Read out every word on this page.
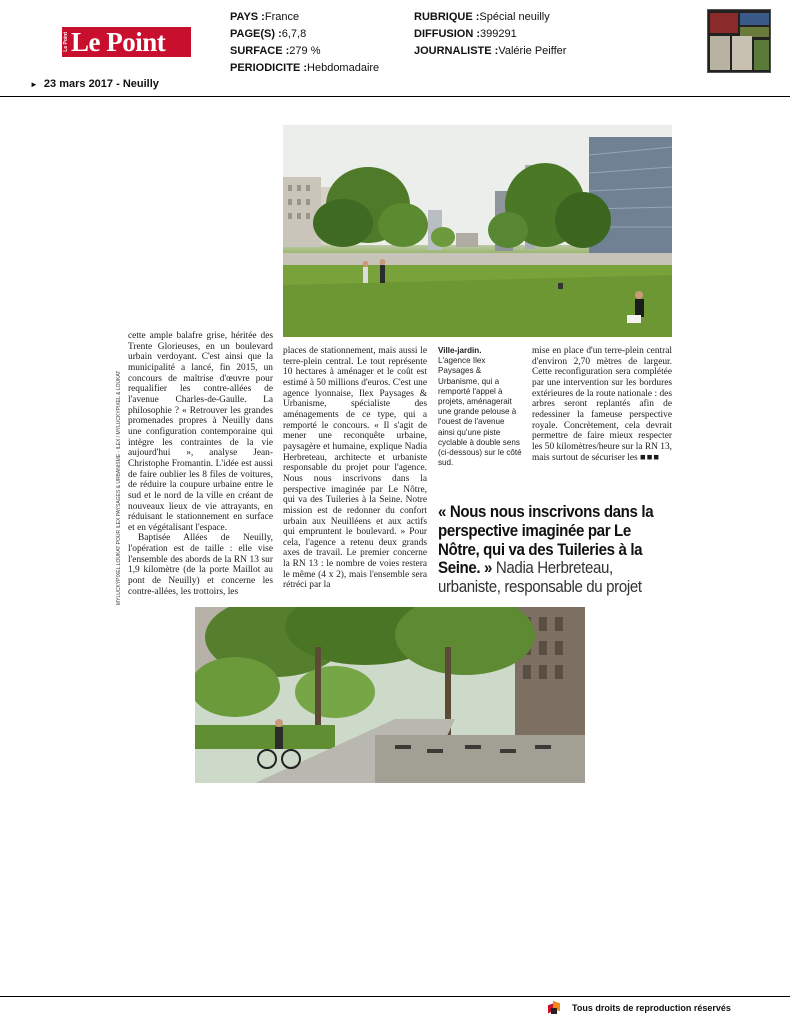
Le Point Le Point
PAYS :France
PAGE(S) :6,7,8
SURFACE :279 %
PERIODICITE :Hebdomadaire
RUBRIQUE :Spécial neuilly
DIFFUSION :399291
JOURNALISTE :Valérie Peiffer
► 23 mars 2017 - Neuilly
MYLUCKYPIXEL.LOUKAT POUR ILEX PAYSAGES & URBANISME - ILEX / MYLUCKYPIXEL & LOUKAT

cette ample balafre grise, héritée des Trente Glorieuses, en un boulevard urbain verdoyant. C'est ainsi que la municipalité a lancé, fin 2015, un concours de maîtrise d'œuvre pour requalifier les contre-allées de l'avenue Charles-de-Gaulle. La philosophie ? « Retrouver les grandes promenades propres à Neuilly dans une configuration contemporaine qui intègre les contraintes de la vie aujourd'hui », analyse Jean-Christophe Fromantin. L'idée est aussi de faire oublier les 8 files de voitures, de réduire la coupure urbaine entre le sud et le nord de la ville en créant de nouveaux lieux de vie attrayants, en réduisant le stationnement en surface et en végétalisant l'espace.

Baptisée Allées de Neuilly, l'opération est de taille : elle vise l'ensemble des abords de la RN 13 sur 1,9 kilomètre (de la porte Maillot au pont de Neuilly) et concerne les contre-allées, les trottoirs, les

places de stationnement, mais aussi le terre-plein central. Le tout représente 10 hectares à aménager et le coût est estimé à 50 millions d'euros. C'est une agence lyonnaise, Ilex Paysages & Urbanisme, spécialiste des aménagements de ce type, qui a remporté le concours. « Il s'agit de mener une reconquête urbaine, paysagère et humaine, explique Nadia Herbreteau, architecte et urbaniste responsable du projet pour l'agence. Nous nous inscrivons dans la perspective imaginée par Le Nôtre, qui va des Tuileries à la Seine. Notre mission est de redonner du confort urbain aux Neuilléens et aux actifs qui empruntent le boulevard. » Pour cela, l'agence a retenu deux grands axes de travail. Le premier concerne la RN 13 : le nombre de voies restera le même (4 x 2), mais l'ensemble sera rétréci par la

Ville-jardin.
L'agence Ilex Paysages & Urbanisme, qui a remporté l'appel à projets, aménagerait une grande pelouse à l'ouest de l'avenue ainsi qu'une piste cyclable à double sens (ci-dessous) sur le côté sud.

mise en place d'un terre-plein central d'environ 2,70 mètres de largeur. Cette reconfiguration sera complétée par une intervention sur les bordures extérieures de la route nationale : des arbres seront replantés afin de redessiner la fameuse perspective royale. Concrètement, cela devrait permettre de faire mieux respecter les 50 kilomètres/heure sur la RN 13, mais surtout de sécuriser les ■■■

« Nous nous inscrivons dans la perspective imaginée par Le Nôtre, qui va des Tuileries à la Seine. » Nadia Herbreteau, urbaniste, responsable du projet
Tous droits de reproduction réservés
